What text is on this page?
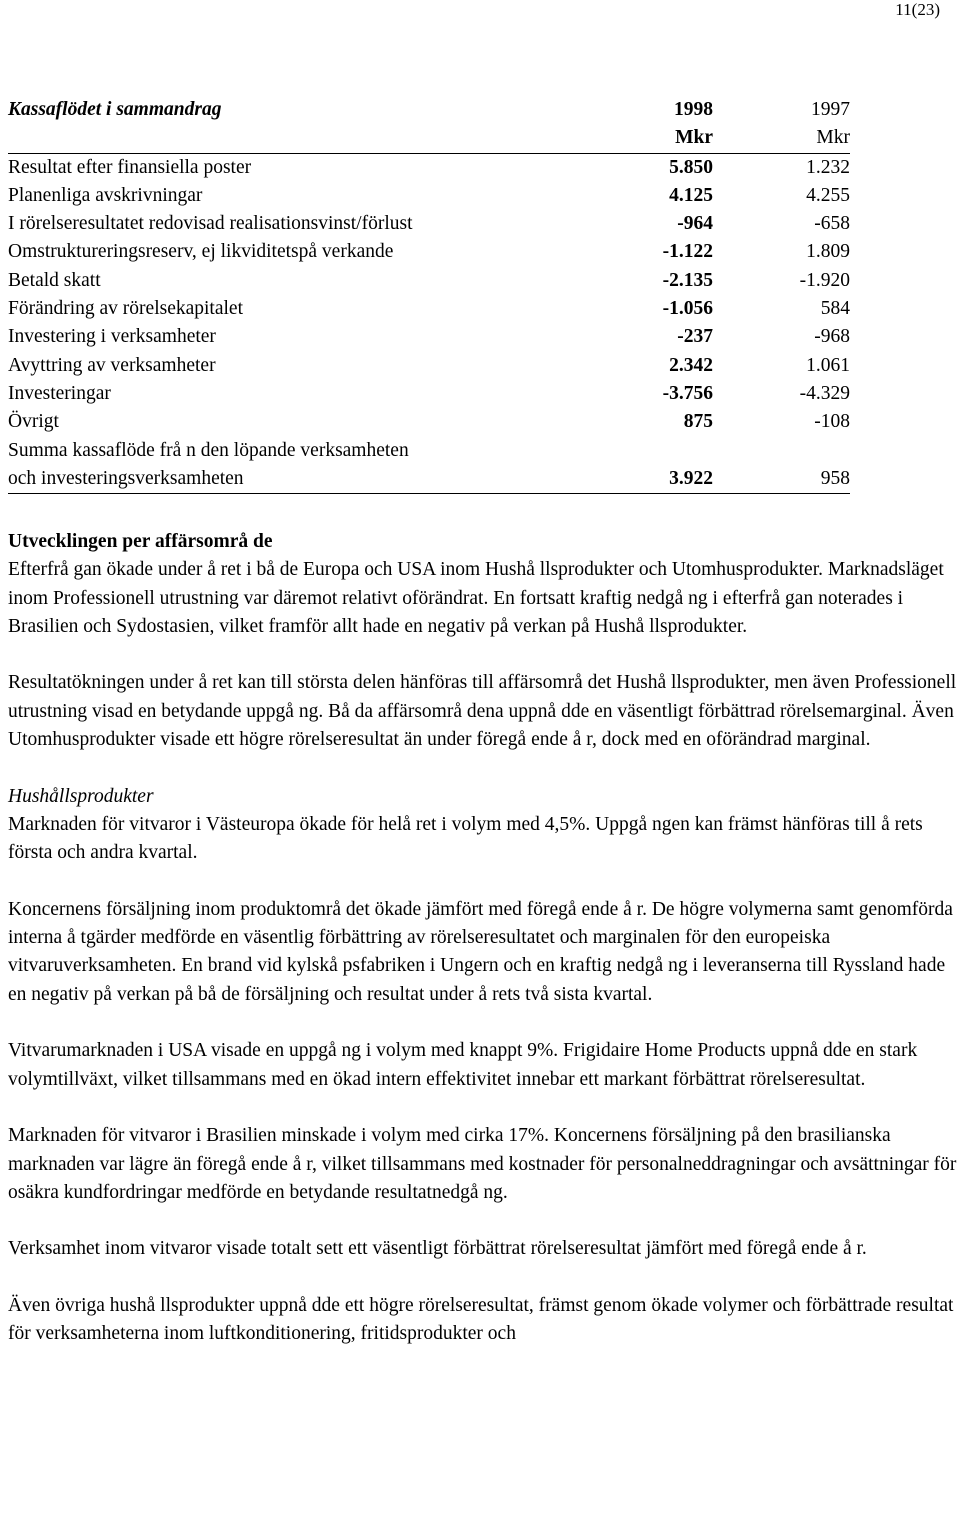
11(23)
Kassaflödet i sammandrag	1998	1997
Mkr	Mkr
Resultat efter finansiella poster	5.850	1.232
Planenliga avskrivningar	4.125	4.255
I rörelseresultatet redovisad realisationsvinst/förlust	-964	-658
Omstruktureringsreserv, ej likviditetspå verkande	-1.122	1.809
Betald skatt	-2.135	-1.920
Förändring av rörelsekapitalet	-1.056	584
Investering i verksamheter	-237	-968
Avyttring av verksamheter	2.342	1.061
Investeringar	-3.756	-4.329
Övrigt	875	-108
Summa kassaflöde frå n den löpande verksamheten
och investeringsverksamheten	3.922	958

Utvecklingen per affärsområ de

Efterfrå gan ökade under å ret i bå de Europa och USA inom Hushå llsprodukter och Utomhusprodukter. Marknadsläget inom Professionell utrustning var däremot relativt oförändrat. En fortsatt kraftig nedgå ng i efterfrå gan noterades i Brasilien och Sydostasien, vilket framför allt hade en negativ på verkan på Hushå llsprodukter.

Resultatökningen under å ret kan till största delen hänföras till affärsområ det Hushå llsprodukter, men även Professionell utrustning visad en betydande uppgå ng. Bå da affärsområ dena uppnå dde en väsentligt förbättrad rörelsemarginal. Även Utomhusprodukter visade ett högre rörelseresultat än under föregå ende å r, dock med en oförändrad marginal.

Hushållsprodukter

Marknaden för vitvaror i Västeuropa ökade för helå ret i volym med 4,5%. Uppgå ngen kan främst hänföras till å rets första och andra kvartal.

Koncernens försäljning inom produktområ det ökade jämfört med föregå ende å r. De högre volymerna samt genomförda interna å tgärder medförde en väsentlig förbättring av rörelseresultatet och marginalen för den europeiska vitvaruverksamheten. En brand vid kylskå psfabriken i Ungern och en kraftig nedgå ng i leveranserna till Ryssland hade en negativ på verkan på bå de försäljning och resultat under å rets två sista kvartal.

Vitvarumarknaden i USA visade en uppgå ng i volym med knappt 9%. Frigidaire Home Products uppnå dde en stark volymtillväxt, vilket tillsammans med en ökad intern effektivitet innebar ett markant förbättrat rörelseresultat.

Marknaden för vitvaror i Brasilien minskade i volym med cirka 17%. Koncernens försäljning på den brasilianska marknaden var lägre än föregå ende å r, vilket tillsammans med kostnader för personalneddragningar och avsättningar för osäkra kundfordringar medförde en betydande resultatnedgå ng.

Verksamhet inom vitvaror visade totalt sett ett väsentligt förbättrat rörelseresultat jämfört med föregå ende å r.

Även övriga hushå llsprodukter uppnå dde ett högre rörelseresultat, främst genom ökade volymer och förbättrade resultat för verksamheterna inom luftkonditionering, fritidsprodukter och
